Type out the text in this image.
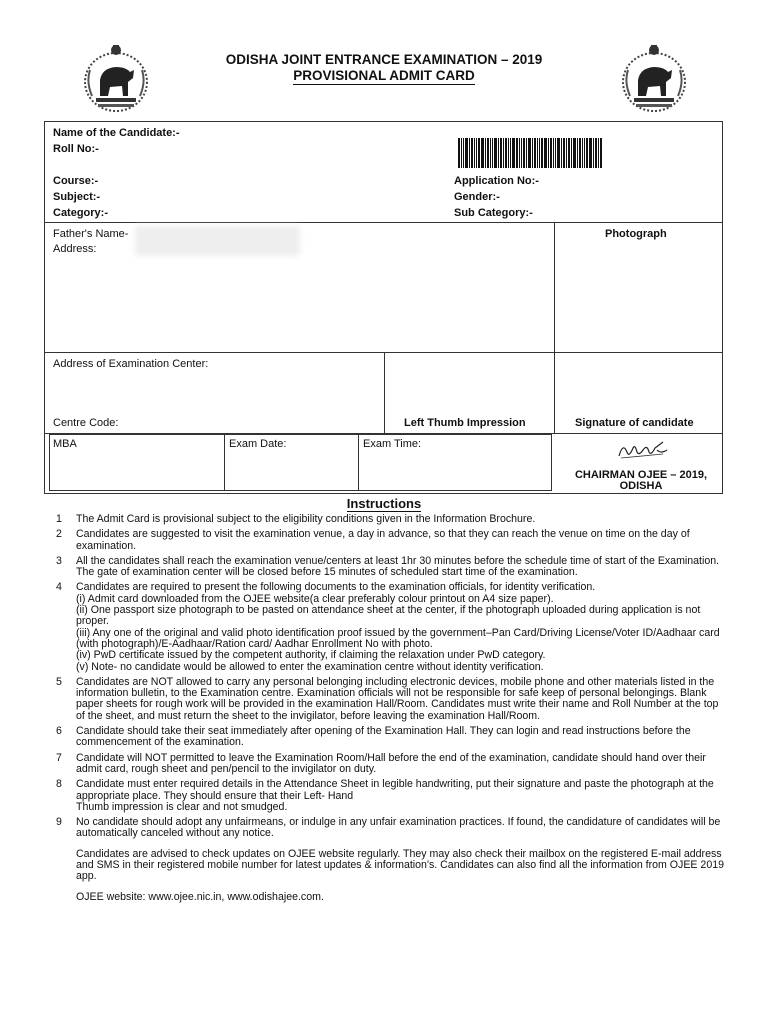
ODISHA JOINT ENTRANCE EXAMINATION – 2019
PROVISIONAL ADMIT CARD
Name of the Candidate:-
Roll No:-
Course:-
Subject:-
Category:-
Application No:-
Gender:-
Sub Category:-
Father's Name-
Address:
Photograph
Address of Examination Center:
Centre Code:	Left Thumb Impression	Signature of candidate
MBA	Exam Date:	Exam Time:
CHAIRMAN OJEE – 2019,
ODISHA
Instructions
1	The Admit Card is provisional subject to the eligibility conditions given in the Information Brochure.
2	Candidates are suggested to visit the examination venue, a day in advance, so that they can reach the venue on time on the day of examination.
3	All the candidates shall reach the examination venue/centers at least 1hr 30 minutes before the schedule time of start of the Examination. The gate of examination center will be closed before 15 minutes of scheduled start time of the examination.
4	Candidates are required to present the following documents to the examination officials, for identity verification.
(i) Admit card downloaded from the OJEE website(a clear preferably colour printout on A4 size paper).
(ii) One passport size photograph to be pasted on attendance sheet at the center, if the photograph uploaded during application is not proper.
(iii) Any one of the original and valid photo identification proof issued by the government–Pan Card/Driving License/Voter ID/Aadhaar card (with photograph)/E-Aadhaar/Ration card/ Aadhar Enrollment No with photo.
(iv) PwD certificate issued by the competent authority, if claiming the relaxation under PwD category.
(v) Note- no candidate would be allowed to enter the examination centre without identity verification.
5	Candidates are NOT allowed to carry any personal belonging including electronic devices, mobile phone and other materials listed in the information bulletin, to the Examination centre. Examination officials will not be responsible for safe keep of personal belongings. Blank paper sheets for rough work will be provided in the examination Hall/Room. Candidates must write their name and Roll Number at the top of the sheet, and must return the sheet to the invigilator, before leaving the examination Hall/Room.
6	Candidate should take their seat immediately after opening of the Examination Hall. They can login and read instructions before the commencement of the examination.
7	Candidate will NOT permitted to leave the Examination Room/Hall before the end of the examination, candidate should hand over their admit card, rough sheet and pen/pencil to the invigilator on duty.
8	Candidate must enter required details in the Attendance Sheet in legible handwriting, put their signature and paste the photograph at the appropriate place. They should ensure that their Left- Hand
Thumb impression is clear and not smudged.
9	No candidate should adopt any unfairmeans, or indulge in any unfair examination practices. If found, the candidature of candidates will be automatically canceled without any notice.
Candidates are advised to check updates on OJEE website regularly. They may also check their mailbox on the registered E-mail address and SMS in their registered mobile number for latest updates & information's. Candidates can also find all the information from OJEE 2019 app.
OJEE website: www.ojee.nic.in, www.odishajee.com.
